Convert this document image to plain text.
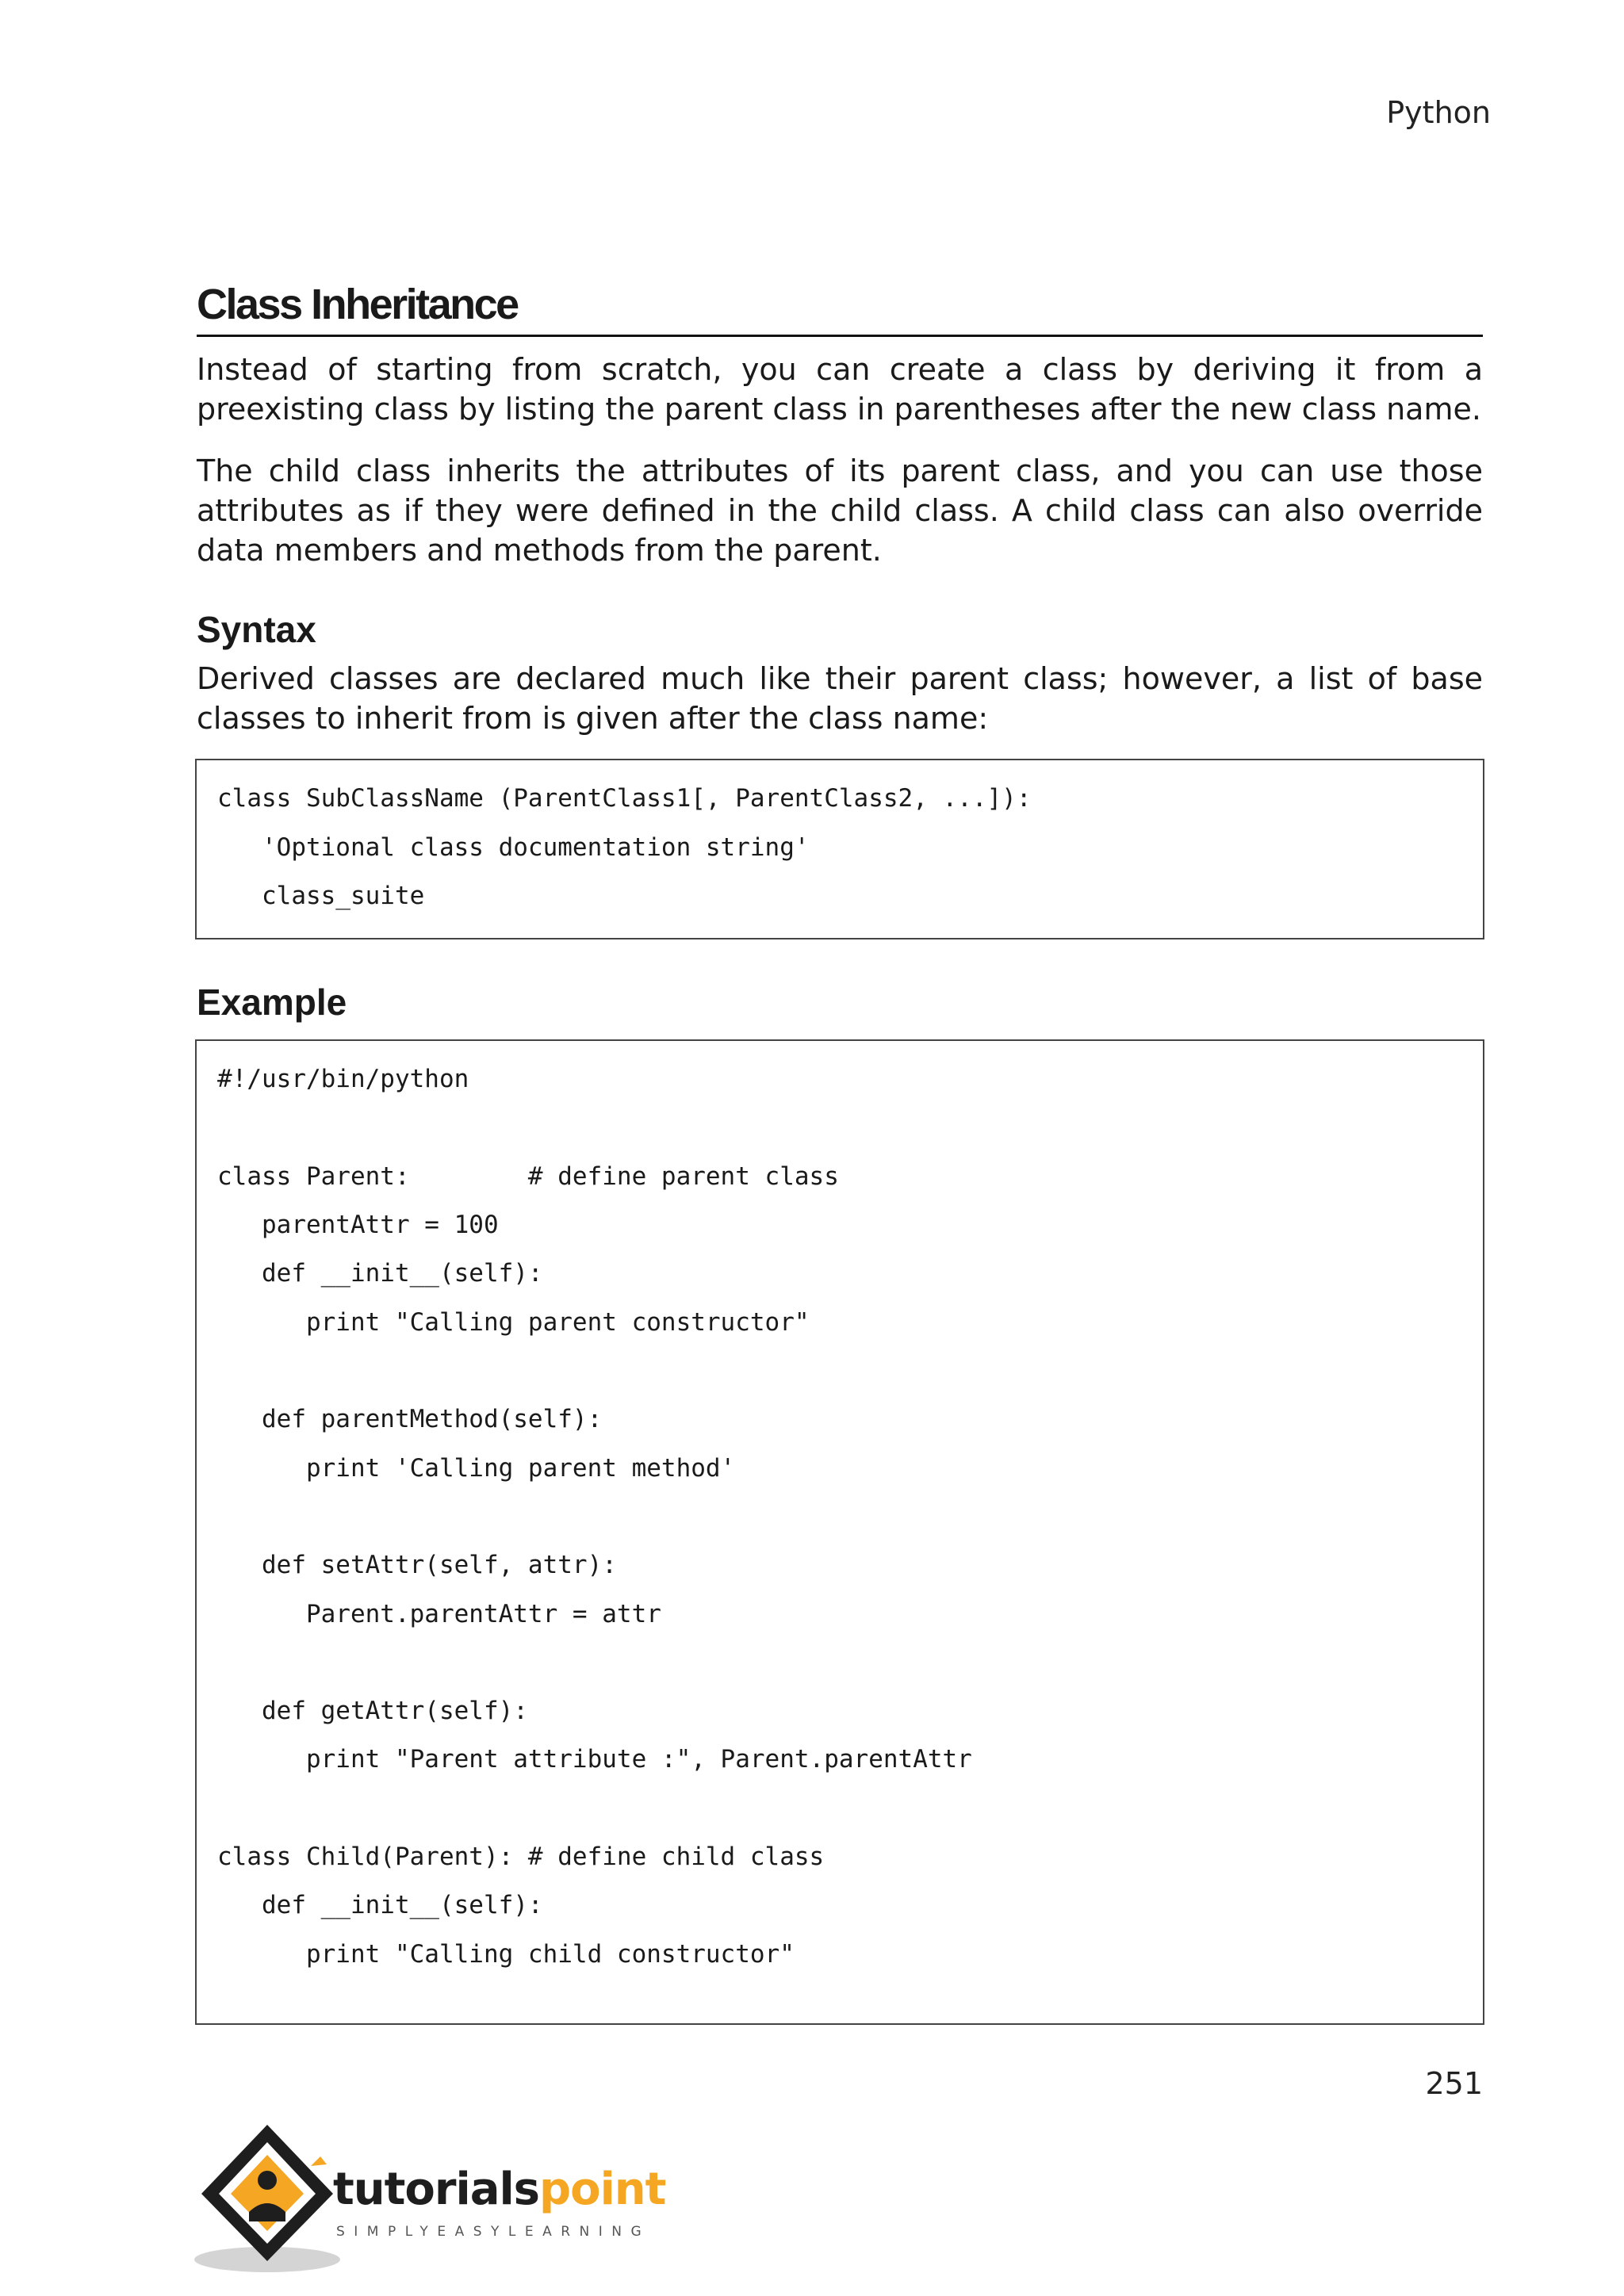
Python
Class Inheritance

Instead of starting from scratch, you can create a class by deriving it from a preexisting class by listing the parent class in parentheses after the new class name.

The child class inherits the attributes of its parent class, and you can use those attributes as if they were defined in the child class. A child class can also override data members and methods from the parent.

Syntax

Derived classes are declared much like their parent class; however, a list of base classes to inherit from is given after the class name:

class SubClassName (ParentClass1[, ParentClass2, ...]):
'Optional class documentation string'
class_suite
Example
#!/usr/bin/python
class Parent:        # define parent class
parentAttr = 100
def __init__(self):
print "Calling parent constructor"
def parentMethod(self):
print 'Calling parent method'
def setAttr(self, attr):
Parent.parentAttr = attr
def getAttr(self):
print "Parent attribute :", Parent.parentAttr
class Child(Parent): # define child class
def __init__(self):
print "Calling child constructor"
251
tutorialspoint
SIMPLYEASYLEARNING
